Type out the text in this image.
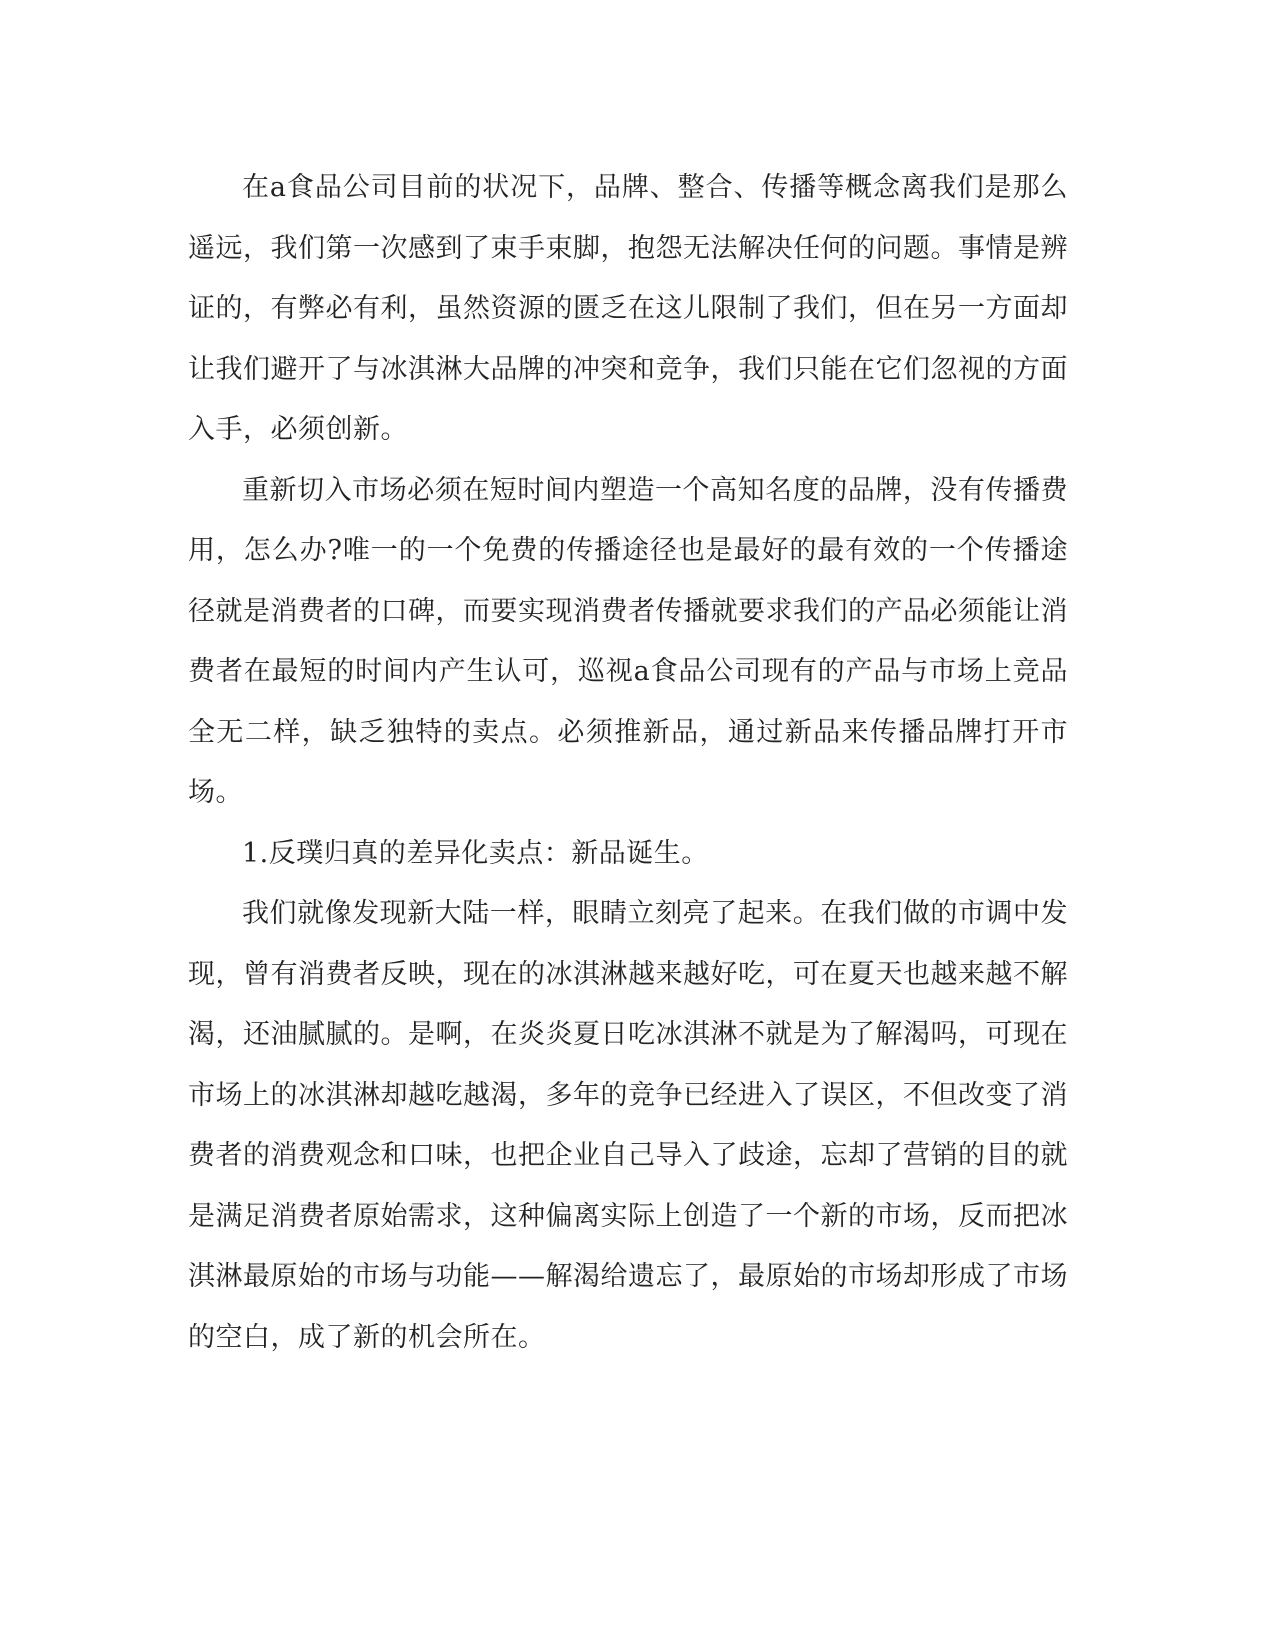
在a食品公司目前的状况下，品牌、整合、传播等概念离我们是那么遥远，我们第一次感到了束手束脚，抱怨无法解决任何的问题。事情是辨证的，有弊必有利，虽然资源的匮乏在这儿限制了我们，但在另一方面却让我们避开了与冰淇淋大品牌的冲突和竞争，我们只能在它们忽视的方面入手，必须创新。

重新切入市场必须在短时间内塑造一个高知名度的品牌，没有传播费用，怎么办?唯一的一个免费的传播途径也是最好的最有效的一个传播途径就是消费者的口碑，而要实现消费者传播就要求我们的产品必须能让消费者在最短的时间内产生认可，巡视a食品公司现有的产品与市场上竞品全无二样，缺乏独特的卖点。必须推新品，通过新品来传播品牌打开市场。

1.反璞归真的差异化卖点：新品诞生。

我们就像发现新大陆一样，眼睛立刻亮了起来。在我们做的市调中发现，曾有消费者反映，现在的冰淇淋越来越好吃，可在夏天也越来越不解渴，还油腻腻的。是啊，在炎炎夏日吃冰淇淋不就是为了解渴吗，可现在市场上的冰淇淋却越吃越渴，多年的竞争已经进入了误区，不但改变了消费者的消费观念和口味，也把企业自己导入了歧途，忘却了营销的目的就是满足消费者原始需求，这种偏离实际上创造了一个新的市场，反而把冰淇淋最原始的市场与功能——解渴给遗忘了，最原始的市场却形成了市场的空白，成了新的机会所在。
